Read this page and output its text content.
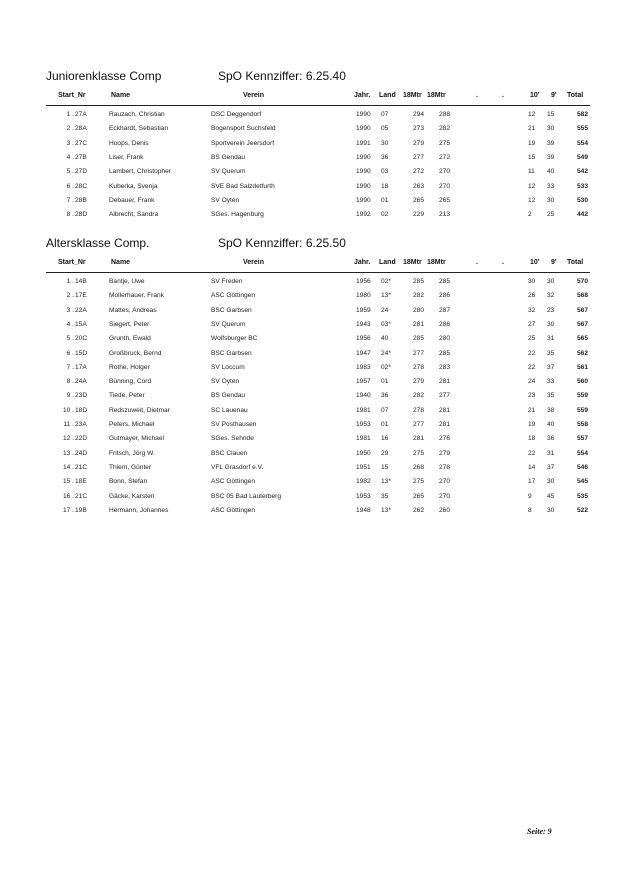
Juniorenklasse Comp	SpO Kennziffer: 6.25.40
Start_Nr	Name	Verein	Jahr. Land 18Mtr 18Mtr	.	.	10' 9' Total
1 . 27A	Rauzach, Christian	DSC Deggendorf	1990 07	294 288	12 15	582
2 . 28A	Eckhardt, Sebastian	Bogensport Suchsfeld	1990 05	273 282	21 30	555
3 . 27C	Hoops, Denis	Sportverein Jeersdorf	1991 30	279 275	19 39	554
4 . 27B	Liser, Frank	BS Gendau	1990 36	277 272	15 39	549
5 . 27D	Lambert, Christopher	SV Querum	1990 03	272 270	11 40	542
6 . 28C	Kuberka, Svenja	SVE Bad Salzdetfurth	1990 18	263 270	12 33	533
7 . 28B	Debauer, Frank	SV Oyten	1990 01	265 265	12 30	530
8 . 28D	Albrecht, Sandra	SGes. Hagenburg	1992 02	229 213	2 25	442
Altersklasse Comp.	SpO Kennziffer: 6.25.50
Start_Nr	Name	Verein	Jahr. Land 18Mtr 18Mtr	.	.	10' 9' Total
1 . 14B	Bantje, Uwe	SV Freden	1956 02*	285 285	30 30	570
2 . 17E	Mollerhauer, Frank	ASC Göttingen	1980 13*	282 286	26 32	568
3 . 22A	Mattes, Andreas	BSC Garbsen	1959 24	280 287	32 23	567
4 . 15A	Siegert, Peter	SV Querum	1943 03*	281 286	27 30	567
5 . 20C	Grunth, Ewald	Wolfsburger BC	1956 40	285 280	25 31	565
6 . 15D	Großbruck, Bernd	BSC Garbsen	1947 24*	277 285	22 35	562
7 . 17A	Rothe, Holger	SV Loccum	1983 02*	278 283	22 37	561
8 . 24A	Bünning, Cord	SV Oyten	1957 01	279 281	24 33	560
9 . 23D	Tiede, Peter	BS Gendau	1940 36	282 277	23 35	559
10 . 18D	Redszuweit, Dietmar	SC Lauenau	1981 07	278 281	21 38	559
11 . 23A	Peters, Michael	SV Posthausen	1953 01	277 281	19 40	558
12 . 22D	Gutmayer, Michael	SGes. Sehnde	1981 16	281 276	18 36	557
13 . 24D	Fritsch, Jörg W.	BSC Clauen	1950 29	275 279	22 31	554
14 . 21C	Thiem, Günter	VFL Grasdorf e.V.	1951 15	268 278	14 37	546
15 . 18E	Bonn, Stefan	ASC Göttingen	1982 13*	275 270	17 30	545
16 . 21C	Gäcke, Karsten	BSC 05 Bad Lauterberg	1953 35	265 270	9 45	535
17 . 19B	Hermann, Johannes	ASC Göttingen	1948 13*	262 260	8 30	522
Seite: 9
